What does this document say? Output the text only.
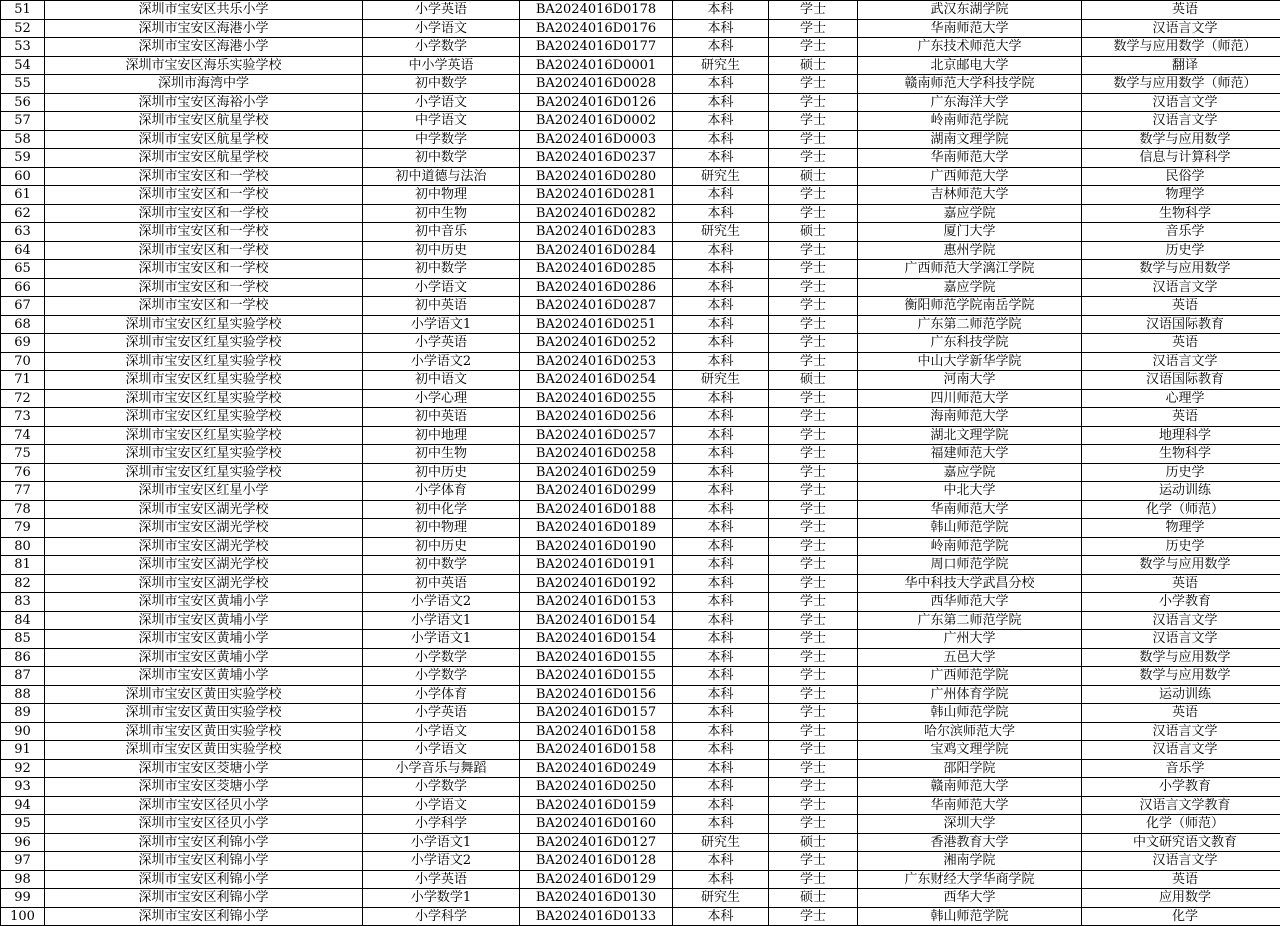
51	深圳市宝安区共乐小学	小学英语	BA2024016D0178	本科	学士	武汉东湖学院	英语
52	深圳市宝安区海港小学	小学语文	BA2024016D0176	本科	学士	华南师范大学	汉语言文学
53	深圳市宝安区海港小学	小学数学	BA2024016D0177	本科	学士	广东技术师范大学	数学与应用数学（师范）
54	深圳市宝安区海乐实验学校	中小学英语	BA2024016D0001	研究生	硕士	北京邮电大学	翻译
55	深圳市海湾中学	初中数学	BA2024016D0028	本科	学士	赣南师范大学科技学院	数学与应用数学（师范）
56	深圳市宝安区海裕小学	小学语文	BA2024016D0126	本科	学士	广东海洋大学	汉语言文学
57	深圳市宝安区航星学校	中学语文	BA2024016D0002	本科	学士	岭南师范学院	汉语言文学
58	深圳市宝安区航星学校	中学数学	BA2024016D0003	本科	学士	湖南文理学院	数学与应用数学
59	深圳市宝安区航星学校	初中数学	BA2024016D0237	本科	学士	华南师范大学	信息与计算科学
60	深圳市宝安区和一学校	初中道德与法治	BA2024016D0280	研究生	硕士	广西师范大学	民俗学
61	深圳市宝安区和一学校	初中物理	BA2024016D0281	本科	学士	吉林师范大学	物理学
62	深圳市宝安区和一学校	初中生物	BA2024016D0282	本科	学士	嘉应学院	生物科学
63	深圳市宝安区和一学校	初中音乐	BA2024016D0283	研究生	硕士	厦门大学	音乐学
64	深圳市宝安区和一学校	初中历史	BA2024016D0284	本科	学士	惠州学院	历史学
65	深圳市宝安区和一学校	初中数学	BA2024016D0285	本科	学士	广西师范大学漓江学院	数学与应用数学
66	深圳市宝安区和一学校	小学语文	BA2024016D0286	本科	学士	嘉应学院	汉语言文学
67	深圳市宝安区和一学校	初中英语	BA2024016D0287	本科	学士	衡阳师范学院南岳学院	英语
68	深圳市宝安区红星实验学校	小学语文1	BA2024016D0251	本科	学士	广东第二师范学院	汉语国际教育
69	深圳市宝安区红星实验学校	小学英语	BA2024016D0252	本科	学士	广东科技学院	英语
70	深圳市宝安区红星实验学校	小学语文2	BA2024016D0253	本科	学士	中山大学新华学院	汉语言文学
71	深圳市宝安区红星实验学校	初中语文	BA2024016D0254	研究生	硕士	河南大学	汉语国际教育
72	深圳市宝安区红星实验学校	小学心理	BA2024016D0255	本科	学士	四川师范大学	心理学
73	深圳市宝安区红星实验学校	初中英语	BA2024016D0256	本科	学士	海南师范大学	英语
74	深圳市宝安区红星实验学校	初中地理	BA2024016D0257	本科	学士	湖北文理学院	地理科学
75	深圳市宝安区红星实验学校	初中生物	BA2024016D0258	本科	学士	福建师范大学	生物科学
76	深圳市宝安区红星实验学校	初中历史	BA2024016D0259	本科	学士	嘉应学院	历史学
77	深圳市宝安区红星小学	小学体育	BA2024016D0299	本科	学士	中北大学	运动训练
78	深圳市宝安区湖光学校	初中化学	BA2024016D0188	本科	学士	华南师范大学	化学（师范）
79	深圳市宝安区湖光学校	初中物理	BA2024016D0189	本科	学士	韩山师范学院	物理学
80	深圳市宝安区湖光学校	初中历史	BA2024016D0190	本科	学士	岭南师范学院	历史学
81	深圳市宝安区湖光学校	初中数学	BA2024016D0191	本科	学士	周口师范学院	数学与应用数学
82	深圳市宝安区湖光学校	初中英语	BA2024016D0192	本科	学士	华中科技大学武昌分校	英语
83	深圳市宝安区黄埔小学	小学语文2	BA2024016D0153	本科	学士	西华师范大学	小学教育
84	深圳市宝安区黄埔小学	小学语文1	BA2024016D0154	本科	学士	广东第二师范学院	汉语言文学
85	深圳市宝安区黄埔小学	小学语文1	BA2024016D0154	本科	学士	广州大学	汉语言文学
86	深圳市宝安区黄埔小学	小学数学	BA2024016D0155	本科	学士	五邑大学	数学与应用数学
87	深圳市宝安区黄埔小学	小学数学	BA2024016D0155	本科	学士	广西师范学院	数学与应用数学
88	深圳市宝安区黄田实验学校	小学体育	BA2024016D0156	本科	学士	广州体育学院	运动训练
89	深圳市宝安区黄田实验学校	小学英语	BA2024016D0157	本科	学士	韩山师范学院	英语
90	深圳市宝安区黄田实验学校	小学语文	BA2024016D0158	本科	学士	哈尔滨师范大学	汉语言文学
91	深圳市宝安区黄田实验学校	小学语文	BA2024016D0158	本科	学士	宝鸡文理学院	汉语言文学
92	深圳市宝安区茭塘小学	小学音乐与舞蹈	BA2024016D0249	本科	学士	邵阳学院	音乐学
93	深圳市宝安区茭塘小学	小学数学	BA2024016D0250	本科	学士	赣南师范大学	小学教育
94	深圳市宝安区径贝小学	小学语文	BA2024016D0159	本科	学士	华南师范大学	汉语言文学教育
95	深圳市宝安区径贝小学	小学科学	BA2024016D0160	本科	学士	深圳大学	化学（师范）
96	深圳市宝安区利锦小学	小学语文1	BA2024016D0127	研究生	硕士	香港教育大学	中文研究语文教育
97	深圳市宝安区利锦小学	小学语文2	BA2024016D0128	本科	学士	湘南学院	汉语言文学
98	深圳市宝安区利锦小学	小学英语	BA2024016D0129	本科	学士	广东财经大学华商学院	英语
99	深圳市宝安区利锦小学	小学数学1	BA2024016D0130	研究生	硕士	西华大学	应用数学
100	深圳市宝安区利锦小学	小学科学	BA2024016D0133	本科	学士	韩山师范学院	化学
